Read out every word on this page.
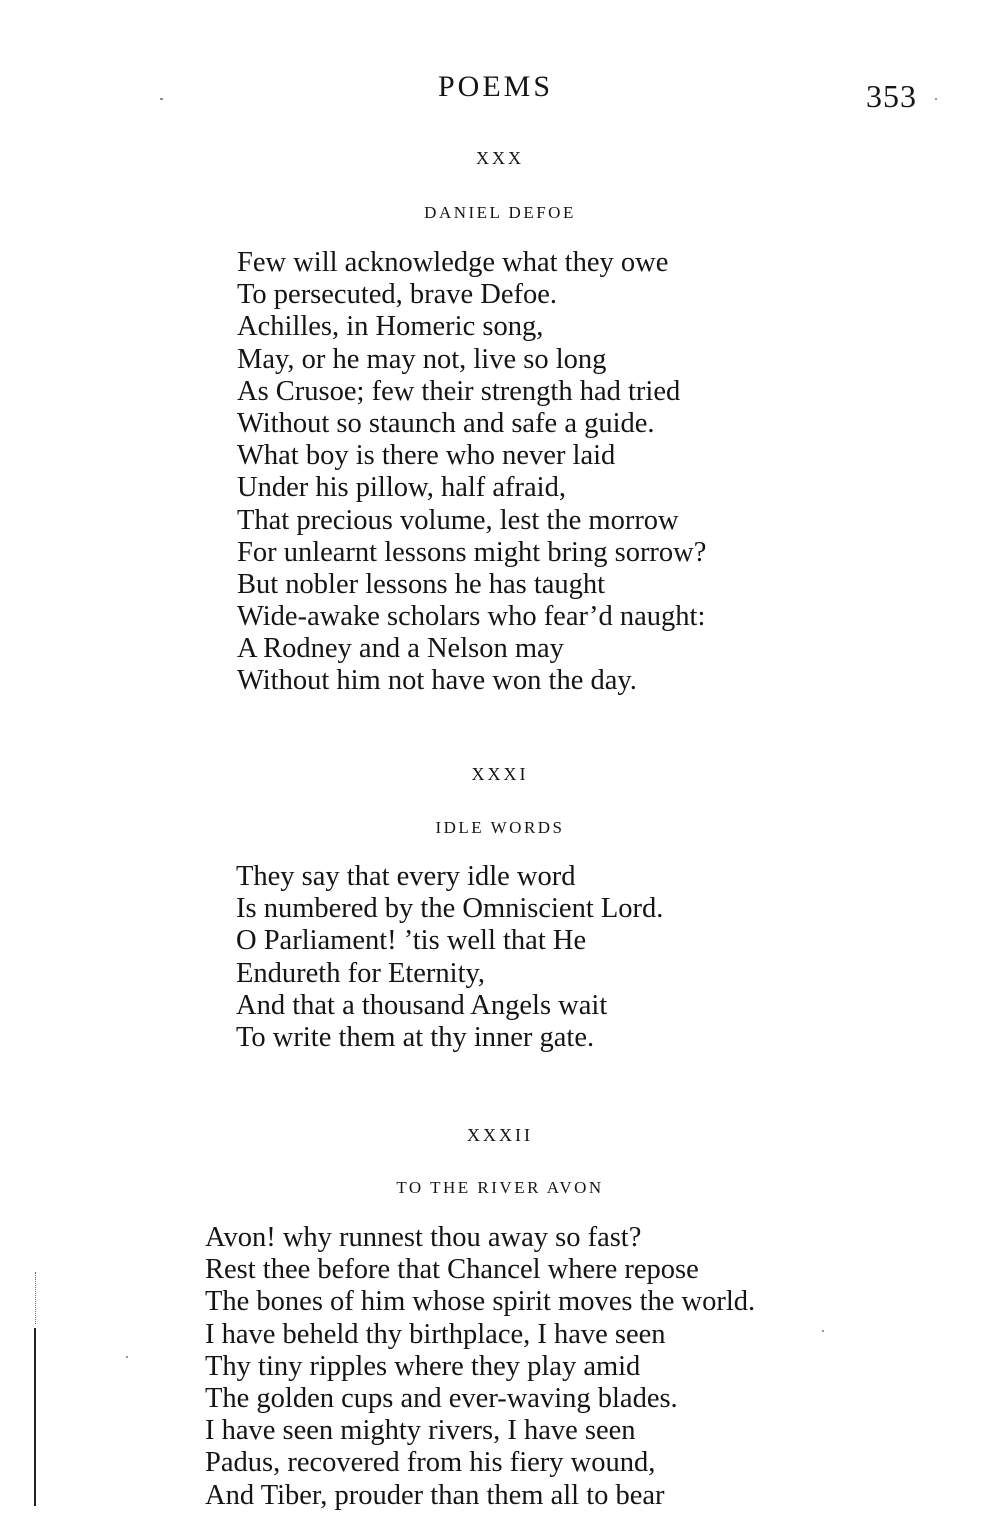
POEMS	353
XXX
DANIEL DEFOE
Few will acknowledge what they owe
To persecuted, brave Defoe.
Achilles, in Homeric song,
May, or he may not, live so long
As Crusoe; few their strength had tried
Without so staunch and safe a guide.
What boy is there who never laid
Under his pillow, half afraid,
That precious volume, lest the morrow
For unlearnt lessons might bring sorrow?
But nobler lessons he has taught
Wide-awake scholars who fear’d naught:
A Rodney and a Nelson may
Without him not have won the day.
XXXI
IDLE WORDS
They say that every idle word
Is numbered by the Omniscient Lord.
O Parliament! ’tis well that He
Endureth for Eternity,
And that a thousand Angels wait
To write them at thy inner gate.
XXXII
TO THE RIVER AVON
Avon! why runnest thou away so fast?
Rest thee before that Chancel where repose
The bones of him whose spirit moves the world.
I have beheld thy birthplace, I have seen
Thy tiny ripples where they play amid
The golden cups and ever-waving blades.
I have seen mighty rivers, I have seen
Padus, recovered from his fiery wound,
And Tiber, prouder than them all to bear
